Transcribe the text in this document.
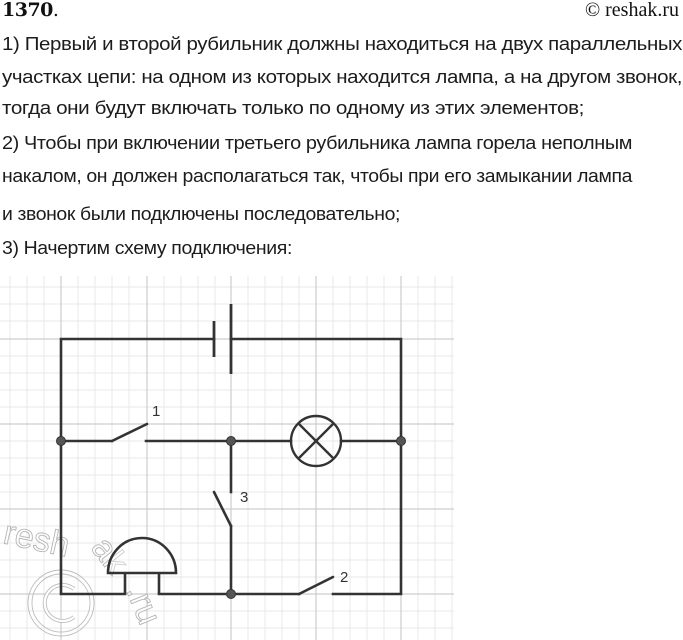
1370.	© reshak.ru
1) Первый и второй рубильник должны находиться на двух параллельных
участках цепи: на одном из которых находится лампа, а на другом звонок,
тогда они будут включать только по одному из этих элементов;
2) Чтобы при включении третьего рубильника лампа горела неполным
накалом, он должен располагаться так, чтобы при его замыкании лампа
и звонок были подключены последовательно;
3) Начертим схему подключения:
resh ak
.ru
1
3
2
